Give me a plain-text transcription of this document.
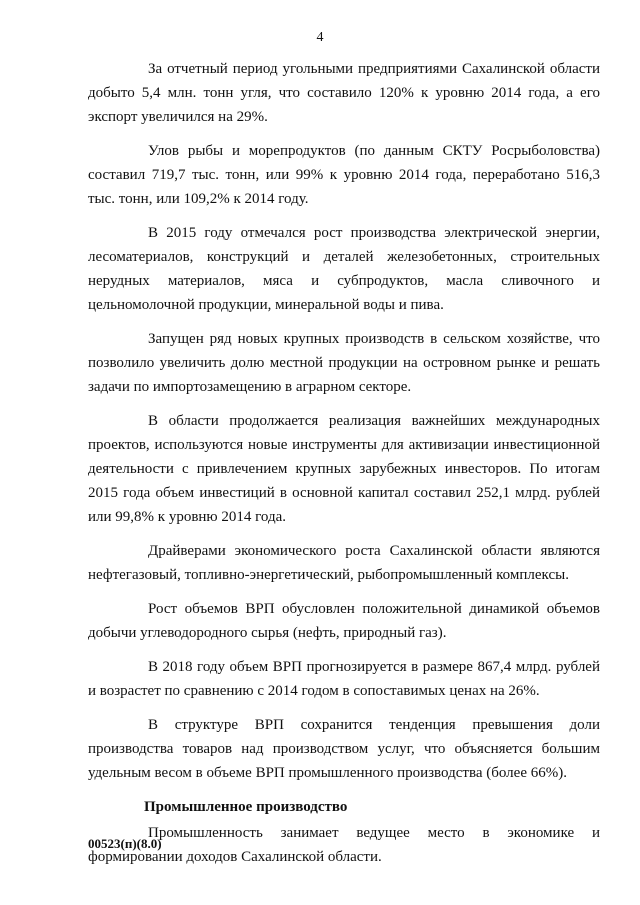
4

За отчетный период угольными предприятиями Сахалинской области добыто 5,4 млн. тонн угля, что составило 120% к уровню 2014 года, а его экспорт увеличился на 29%.

Улов рыбы и морепродуктов (по данным СКТУ Росрыболовства) составил 719,7 тыс. тонн, или 99% к уровню 2014 года, переработано 516,3 тыс. тонн, или 109,2% к 2014 году.

В 2015 году отмечался рост производства электрической энергии, лесоматериалов, конструкций и деталей железобетонных, строительных нерудных материалов, мяса и субпродуктов, масла сливочного и цельномолочной продукции, минеральной воды и пива.

Запущен ряд новых крупных производств в сельском хозяйстве, что позволило увеличить долю местной продукции на островном рынке и решать задачи по импортозамещению в аграрном секторе.

В области продолжается реализация важнейших международных проектов, используются новые инструменты для активизации инвестиционной деятельности с привлечением крупных зарубежных инвесторов. По итогам 2015 года объем инвестиций в основной капитал составил 252,1 млрд. рублей или 99,8% к уровню 2014 года.

Драйверами экономического роста Сахалинской области являются нефтегазовый, топливно-энергетический, рыбопромышленный комплексы.

Рост объемов ВРП обусловлен положительной динамикой объемов добычи углеводородного сырья (нефть, природный газ).

В 2018 году объем ВРП прогнозируется в размере 867,4 млрд. рублей и возрастет по сравнению с 2014 годом в сопоставимых ценах на 26%.

В структуре ВРП сохранится тенденция превышения доли производства товаров над производством услуг, что объясняется большим удельным весом в объеме ВРП промышленного производства (более 66%).

Промышленное производство

Промышленность занимает ведущее место в экономике и формировании доходов Сахалинской области.

00523(п)(8.0)
